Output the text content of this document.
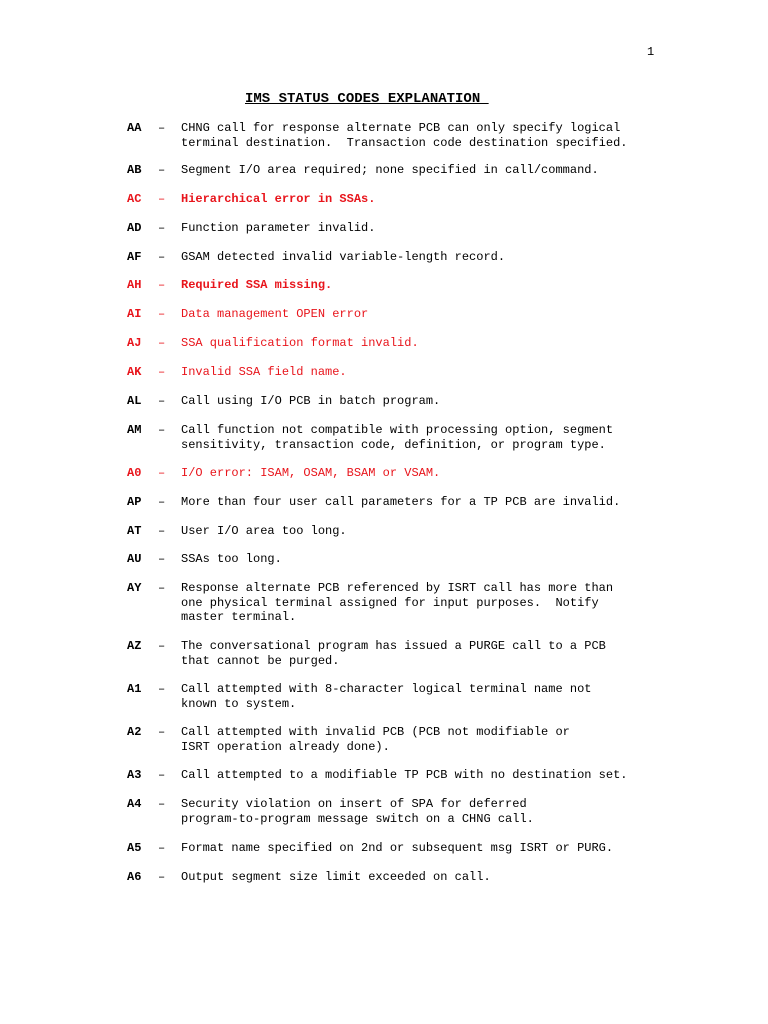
1
IMS STATUS CODES EXPLANATION
AA	– CHNG call for response alternate PCB can only specify logical
terminal destination.  Transaction code destination specified.
AB	– Segment I/O area required; none specified in call/command.
AC	– Hierarchical error in SSAs.
AD	– Function parameter invalid.
AF	– GSAM detected invalid variable-length record.
AH	– Required SSA missing.
AI	– Data management OPEN error
AJ	– SSA qualification format invalid.
AK	– Invalid SSA field name.
AL	– Call using I/O PCB in batch program.
AM	– Call function not compatible with processing option, segment
sensitivity, transaction code, definition, or program type.
A0	– I/O error: ISAM, OSAM, BSAM or VSAM.
AP	– More than four user call parameters for a TP PCB are invalid.
AT	– User I/O area too long.
AU	– SSAs too long.
AY	– Response alternate PCB referenced by ISRT call has more than
one physical terminal assigned for input purposes.  Notify
master terminal.
AZ	– The conversational program has issued a PURGE call to a PCB
that cannot be purged.
A1	– Call attempted with 8-character logical terminal name not
known to system.
A2	– Call attempted with invalid PCB (PCB not modifiable or
ISRT operation already done).
A3	– Call attempted to a modifiable TP PCB with no destination set.
A4	– Security violation on insert of SPA for deferred
program-to-program message switch on a CHNG call.
A5	– Format name specified on 2nd or subsequent msg ISRT or PURG.
A6	– Output segment size limit exceeded on call.
